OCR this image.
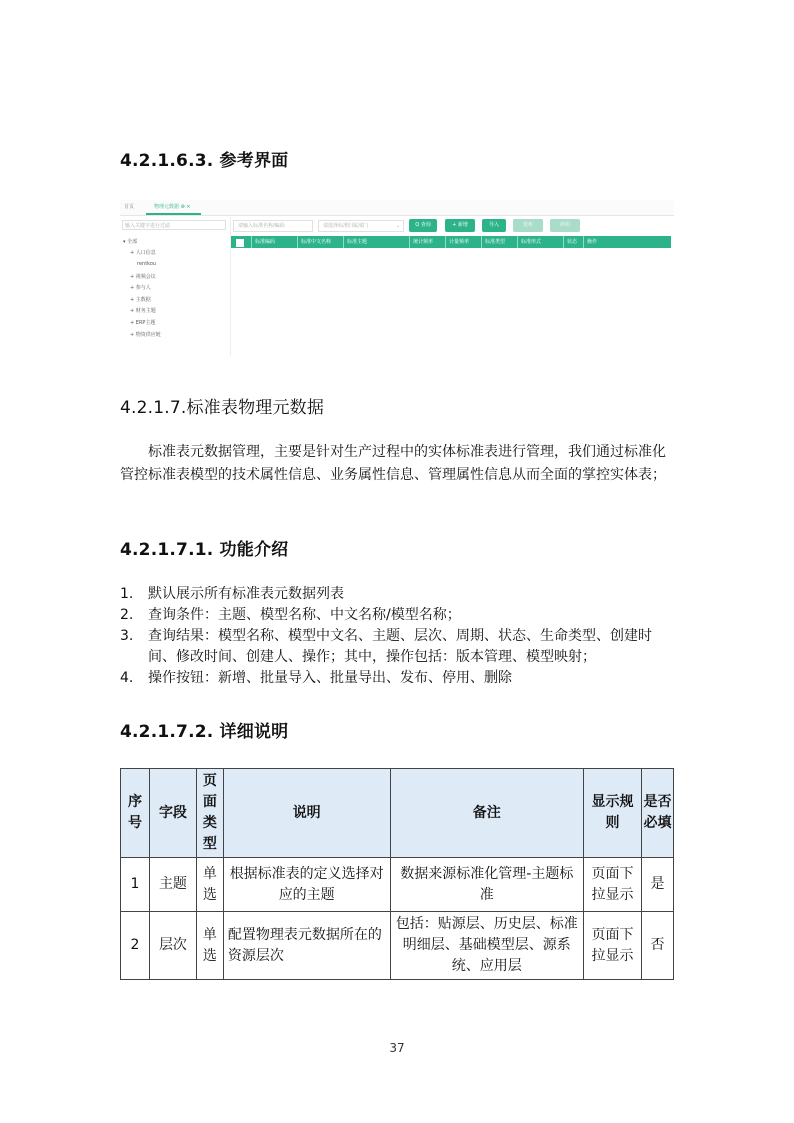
4.2.1.6.3. 参考界面
首页	物理元数据 ⊗ ×
输入关键字进行过滤
▾ 全部
+ 人口信息
rentkou
+ 视频会议
+ 参与人
+ 主数据
+ 财务主题
+ ERP主题
+ 物资供应链
请输入标准名称/编码	请选择标准归属部门	⌄	Q 查询	+ 新增	导入	发布	停用
标准编码	标准中文名称	标准主题	统计频率	计量频率	标准类型	标准形式	状态	操作
4.2.1.7.标准表物理元数据

标准表元数据管理，主要是针对生产过程中的实体标准表进行管理，我们通过标准化管控标准表模型的技术属性信息、业务属性信息、管理属性信息从而全面的掌控实体表；

4.2.1.7.1. 功能介绍
1. 默认展示所有标准表元数据列表
2. 查询条件：主题、模型名称、中文名称/模型名称；
3. 查询结果：模型名称、模型中文名、主题、层次、周期、状态、生命类型、创建时间、修改时间、创建人、操作；其中，操作包括：版本管理、模型映射；
4. 操作按钮：新增、批量导入、批量导出、发布、停用、删除
4.2.1.7.2. 详细说明
序号	字段	页面类型	说明	备注	显示规则	是否必填
1	主题	单选	根据标准表的定义选择对应的主题	数据来源标准化管理-主题标准	页面下拉显示	是
2	层次	单选	配置物理表元数据所在的资源层次	包括：贴源层、历史层、标准明细层、基础模型层、源系统、应用层	页面下拉显示	否
37
